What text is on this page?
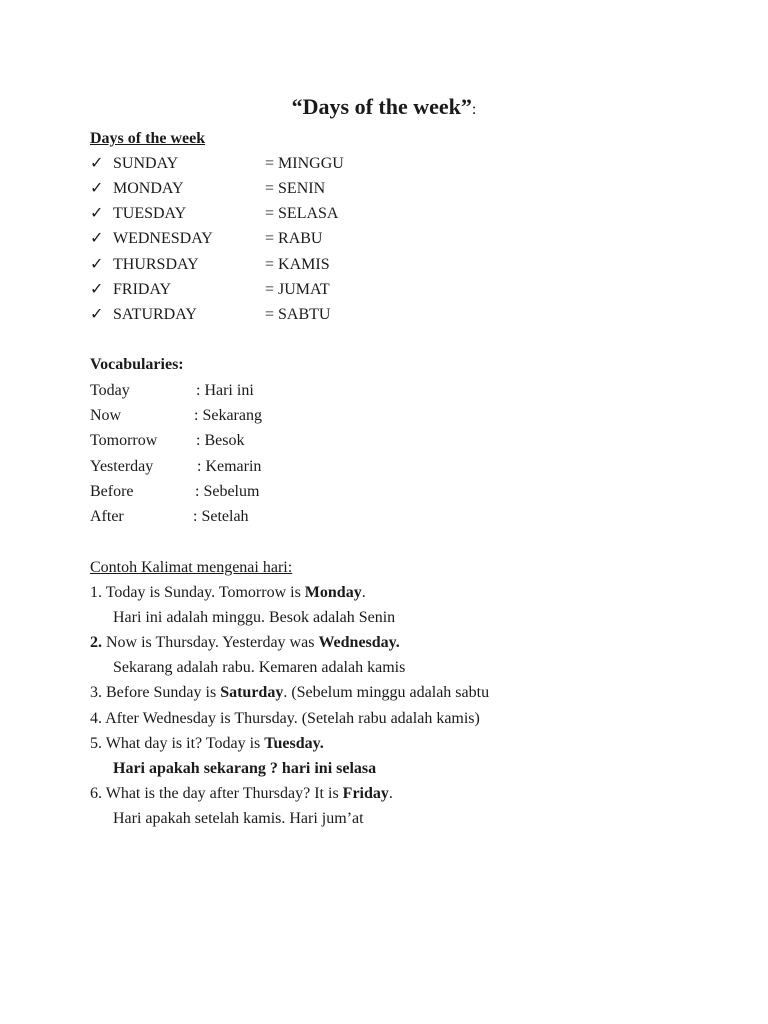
“Days of the week”:
Days of the week
✓ SUNDAY	= MINGGU
✓ MONDAY	= SENIN
✓ TUESDAY	= SELASA
✓ WEDNESDAY	= RABU
✓ THURSDAY	= KAMIS
✓ FRIDAY	= JUMAT
✓ SATURDAY	= SABTU
Vocabularies:
Today	: Hari ini
Now	: Sekarang
Tomorrow : Besok
Yesterday	: Kemarin
Before	: Sebelum
After	: Setelah
Contoh Kalimat mengenai hari:
1. Today is Sunday. Tomorrow is Monday.
Hari ini adalah minggu. Besok adalah Senin
2. Now is Thursday. Yesterday was Wednesday.
Sekarang adalah rabu. Kemaren adalah kamis
3. Before Sunday is Saturday. (Sebelum minggu adalah sabtu
4. After Wednesday is Thursday. (Setelah rabu adalah kamis)
5. What day is it? Today is Tuesday.
Hari apakah sekarang ? hari ini selasa
6. What is the day after Thursday? It is Friday.
Hari apakah setelah kamis. Hari jum’at
